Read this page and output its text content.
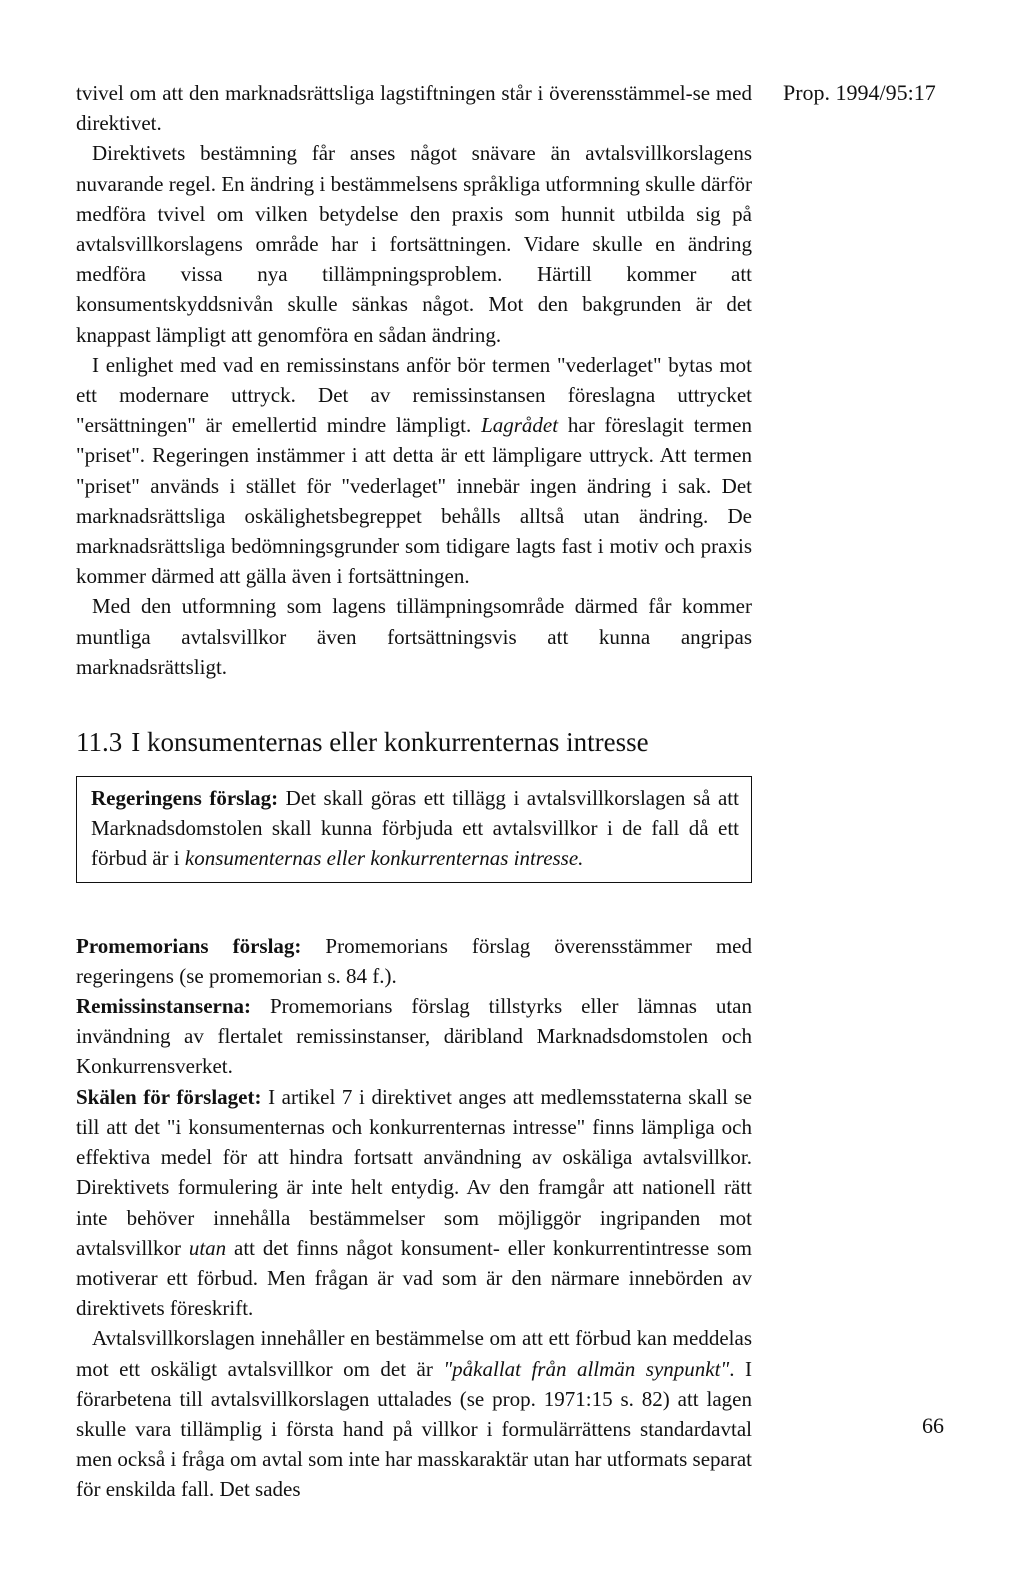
Prop. 1994/95:17

tvivel om att den marknadsrättsliga lagstiftningen står i överensstämmel-se med direktivet.

Direktivets bestämning får anses något snävare än avtalsvillkorslagens nuvarande regel. En ändring i bestämmelsens språkliga utformning skulle därför medföra tvivel om vilken betydelse den praxis som hunnit utbilda sig på avtalsvillkorslagens område har i fortsättningen. Vidare skulle en ändring medföra vissa nya tillämpningsproblem. Härtill kommer att konsumentskyddsnivån skulle sänkas något. Mot den bakgrunden är det knappast lämpligt att genomföra en sådan ändring.

I enlighet med vad en remissinstans anför bör termen "vederlaget" bytas mot ett modernare uttryck. Det av remissinstansen föreslagna uttrycket "ersättningen" är emellertid mindre lämpligt. Lagrådet har föreslagit termen "priset". Regeringen instämmer i att detta är ett lämpligare uttryck. Att termen "priset" används i stället för "vederlaget" innebär ingen ändring i sak. Det marknadsrättsliga oskälighetsbegreppet behålls alltså utan ändring. De marknadsrättsliga bedömningsgrunder som tidigare lagts fast i motiv och praxis kommer därmed att gälla även i fortsättningen.

Med den utformning som lagens tillämpningsområde därmed får kommer muntliga avtalsvillkor även fortsättningsvis att kunna angripas marknadsrättsligt.

11.3 I konsumenternas eller konkurrenternas intresse

Regeringens förslag: Det skall göras ett tillägg i avtalsvillkorslagen så att Marknadsdomstolen skall kunna förbjuda ett avtalsvillkor i de fall då ett förbud är i konsumenternas eller konkurrenternas intresse.

Promemorians förslag: Promemorians förslag överensstämmer med regeringens (se promemorian s. 84 f.).

Remissinstanserna: Promemorians förslag tillstyrks eller lämnas utan invändning av flertalet remissinstanser, däribland Marknadsdomstolen och Konkurrensverket.

Skälen för förslaget: I artikel 7 i direktivet anges att medlemsstaterna skall se till att det "i konsumenternas och konkurrenternas intresse" finns lämpliga och effektiva medel för att hindra fortsatt användning av oskäliga avtalsvillkor. Direktivets formulering är inte helt entydig. Av den framgår att nationell rätt inte behöver innehålla bestämmelser som möjliggör ingripanden mot avtalsvillkor utan att det finns något konsument- eller konkurrentintresse som motiverar ett förbud. Men frågan är vad som är den närmare innebörden av direktivets föreskrift.

Avtalsvillkorslagen innehåller en bestämmelse om att ett förbud kan meddelas mot ett oskäligt avtalsvillkor om det är "påkallat från allmän synpunkt". I förarbetena till avtalsvillkorslagen uttalades (se prop. 1971:15 s. 82) att lagen skulle vara tillämplig i första hand på villkor i formulärrättens standardavtal men också i fråga om avtal som inte har masskaraktär utan har utformats separat för enskilda fall. Det sades

66
